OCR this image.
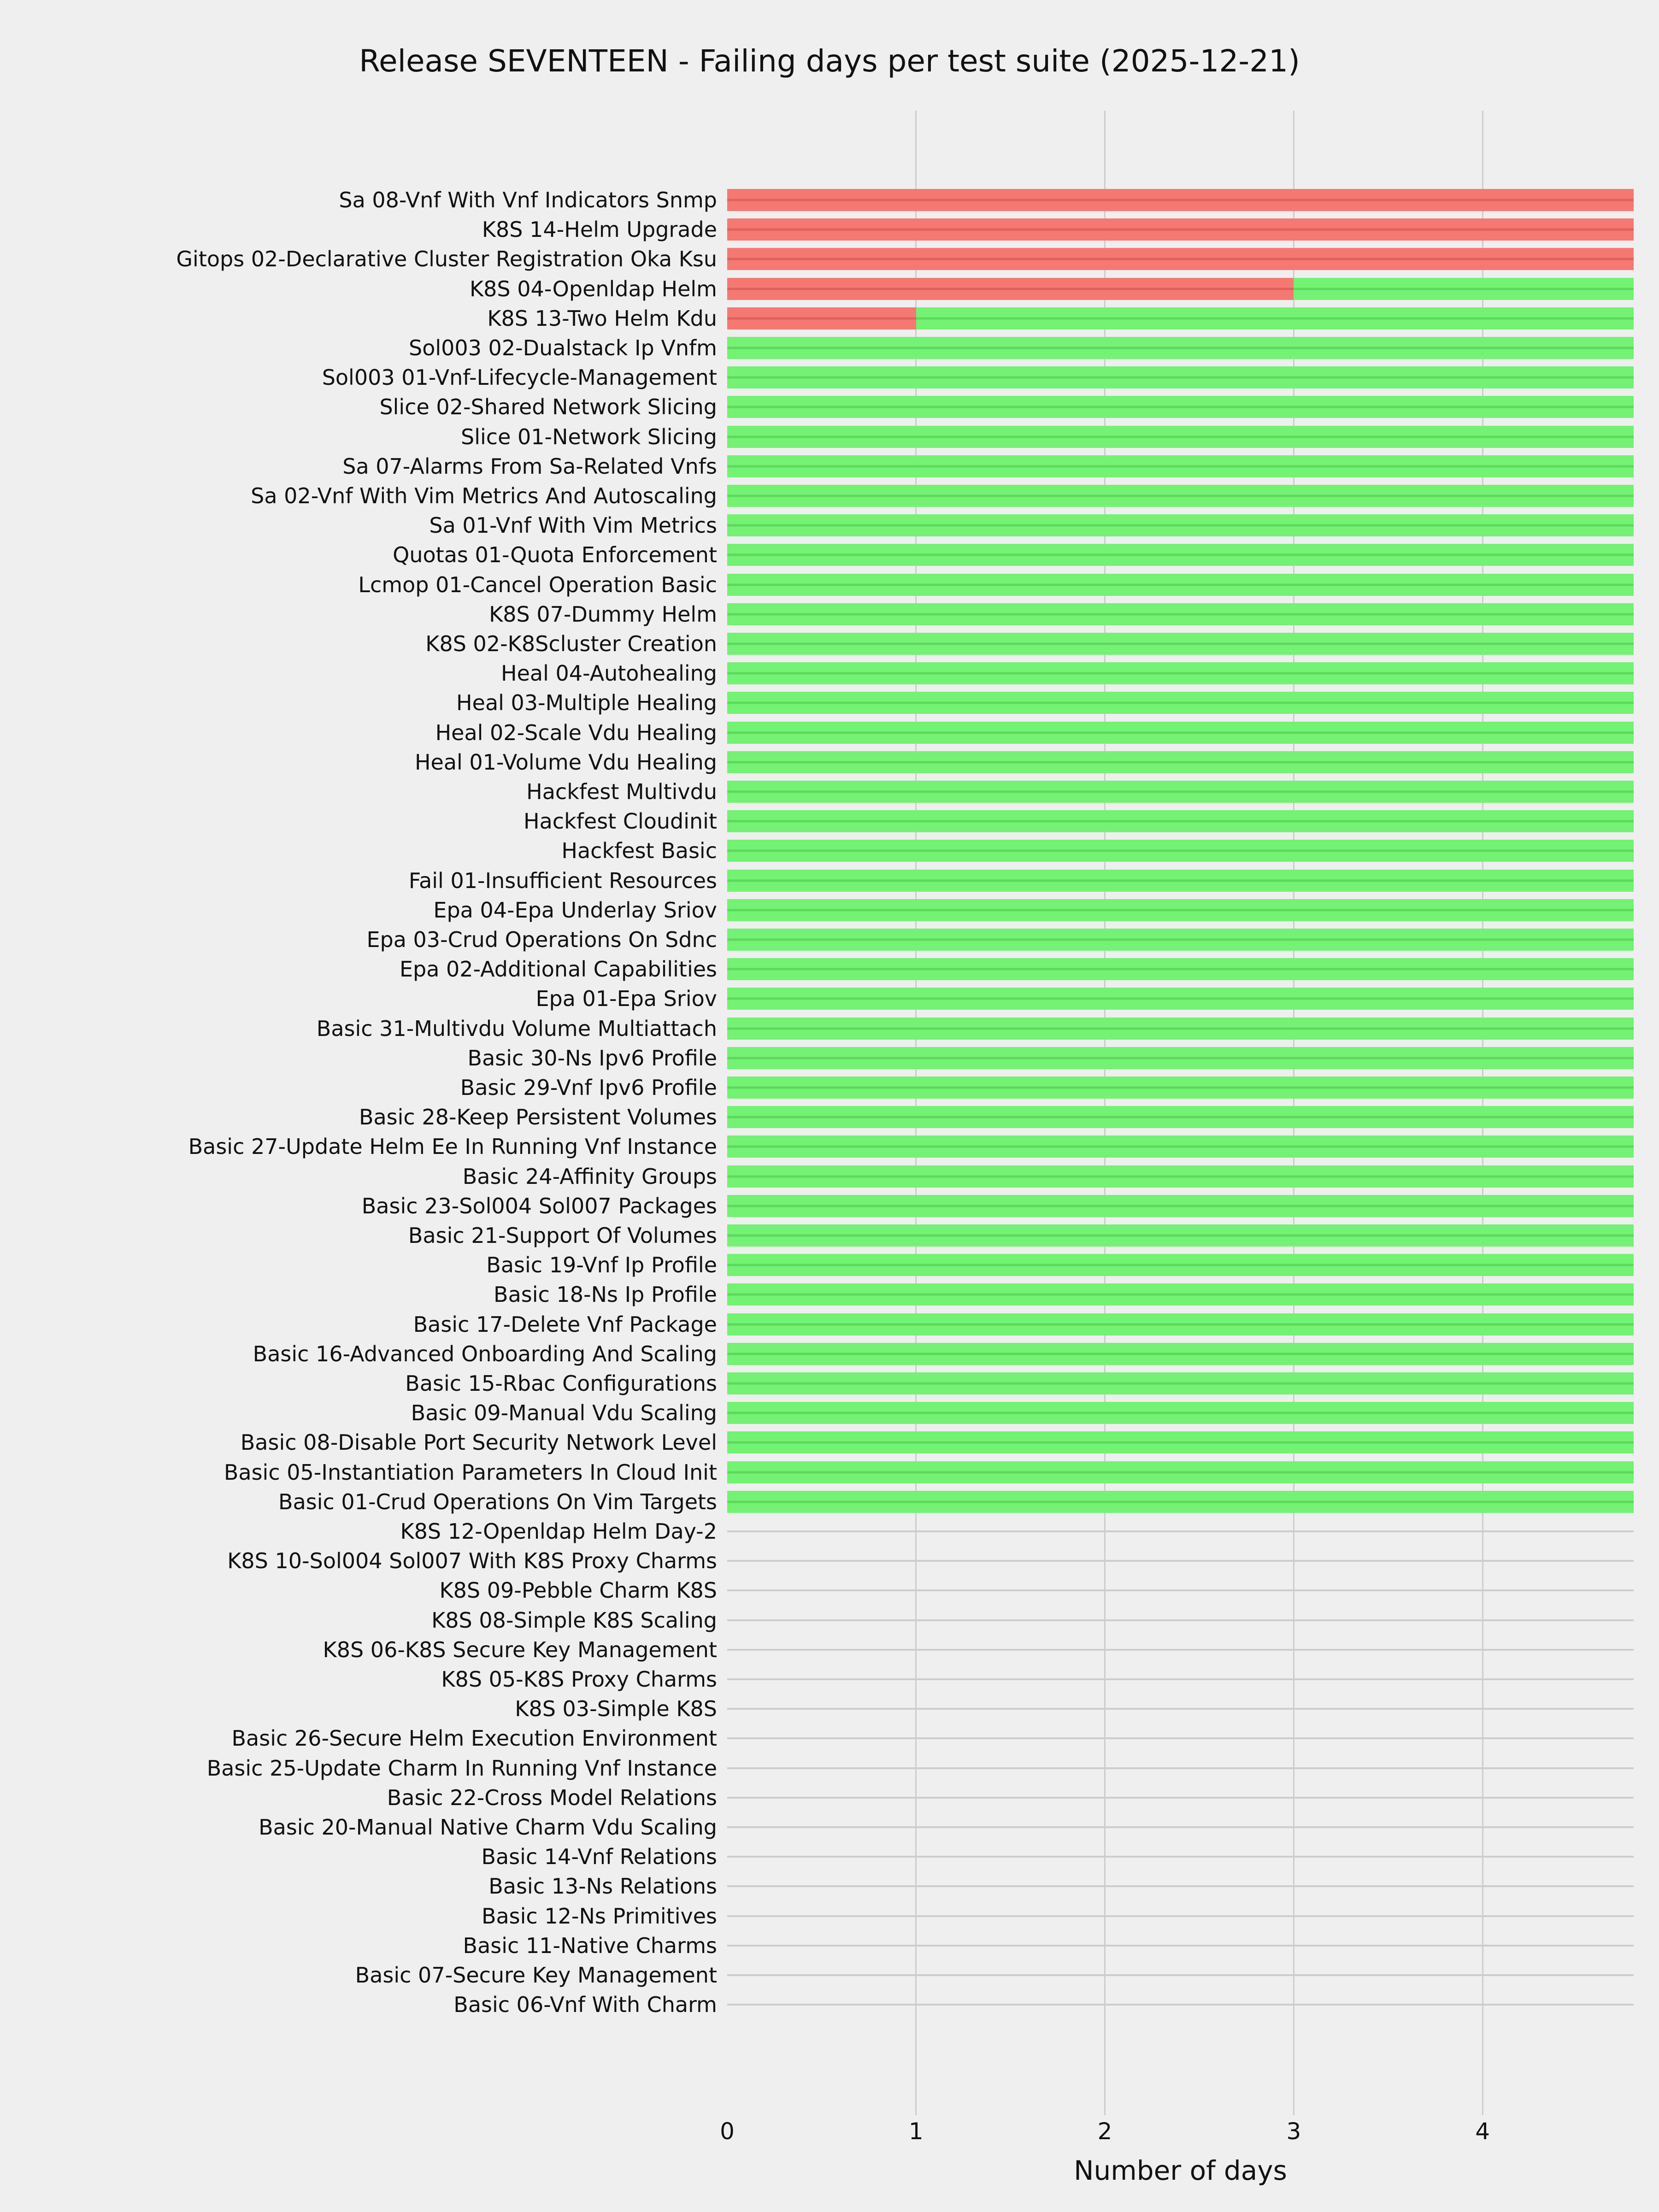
Release SEVENTEEN - Failing days per test suite (2025-12-21)
Sa 08-Vnf With Vnf Indicators Snmp
K8S 14-Helm Upgrade
Gitops 02-Declarative Cluster Registration Oka Ksu
K8S 04-Openldap Helm
K8S 13-Two Helm Kdu
Sol003 02-Dualstack Ip Vnfm
Sol003 01-Vnf-Lifecycle-Management
Slice 02-Shared Network Slicing
Slice 01-Network Slicing
Sa 07-Alarms From Sa-Related Vnfs
Sa 02-Vnf With Vim Metrics And Autoscaling
Sa 01-Vnf With Vim Metrics
Quotas 01-Quota Enforcement
Lcmop 01-Cancel Operation Basic
K8S 07-Dummy Helm
K8S 02-K8Scluster Creation
Heal 04-Autohealing
Heal 03-Multiple Healing
Heal 02-Scale Vdu Healing
Heal 01-Volume Vdu Healing
Hackfest Multivdu
Hackfest Cloudinit
Hackfest Basic
Fail 01-Insufficient Resources
Epa 04-Epa Underlay Sriov
Epa 03-Crud Operations On Sdnc
Epa 02-Additional Capabilities
Epa 01-Epa Sriov
Basic 31-Multivdu Volume Multiattach
Basic 30-Ns Ipv6 Profile
Basic 29-Vnf Ipv6 Profile
Basic 28-Keep Persistent Volumes
Basic 27-Update Helm Ee In Running Vnf Instance
Basic 24-Affinity Groups
Basic 23-Sol004 Sol007 Packages
Basic 21-Support Of Volumes
Basic 19-Vnf Ip Profile
Basic 18-Ns Ip Profile
Basic 17-Delete Vnf Package
Basic 16-Advanced Onboarding And Scaling
Basic 15-Rbac Configurations
Basic 09-Manual Vdu Scaling
Basic 08-Disable Port Security Network Level
Basic 05-Instantiation Parameters In Cloud Init
Basic 01-Crud Operations On Vim Targets
K8S 12-Openldap Helm Day-2
K8S 10-Sol004 Sol007 With K8S Proxy Charms
K8S 09-Pebble Charm K8S
K8S 08-Simple K8S Scaling
K8S 06-K8S Secure Key Management
K8S 05-K8S Proxy Charms
K8S 03-Simple K8S
Basic 26-Secure Helm Execution Environment
Basic 25-Update Charm In Running Vnf Instance
Basic 22-Cross Model Relations
Basic 20-Manual Native Charm Vdu Scaling
Basic 14-Vnf Relations
Basic 13-Ns Relations
Basic 12-Ns Primitives
Basic 11-Native Charms
Basic 07-Secure Key Management
Basic 06-Vnf With Charm
0	1	2	3	4
Number of days
